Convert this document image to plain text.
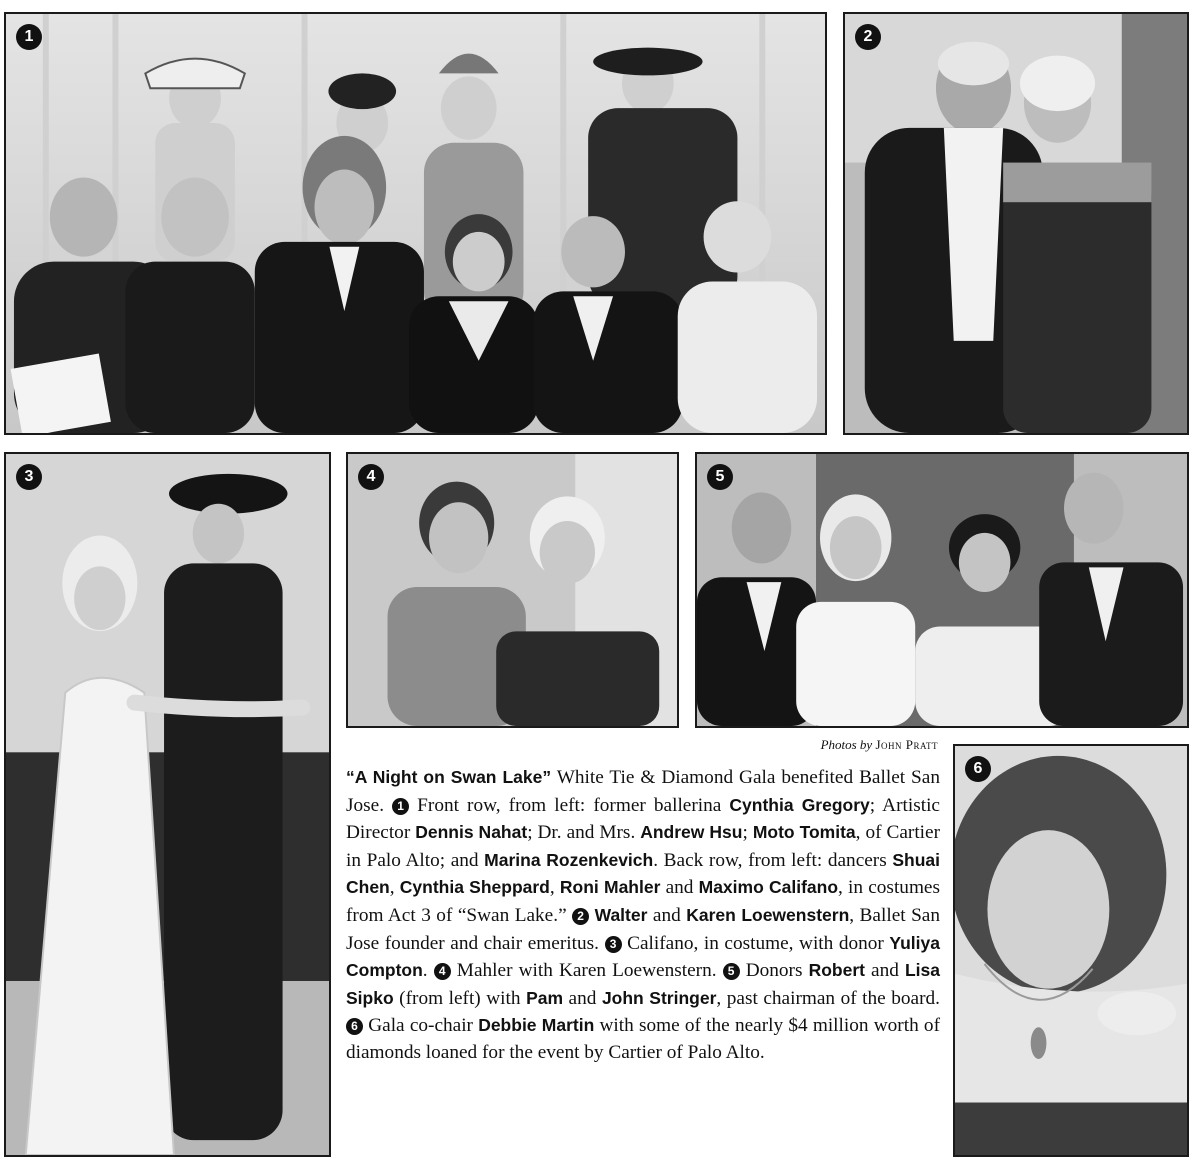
1	2
3	4	5
6
Photos by John Pratt
“A Night on Swan Lake” White Tie & Diamond Gala benefited Ballet San Jose. 1 Front row, from left: former ballerina Cynthia Gregory; Artistic Director Dennis Nahat; Dr. and Mrs. Andrew Hsu; Moto Tomita, of Cartier in Palo Alto; and Marina Rozenkevich. Back row, from left: dancers Shuai Chen, Cynthia Sheppard, Roni Mahler and Maximo Califano, in costumes from Act 3 of “Swan Lake.” 2 Walter and Karen Loewenstern, Ballet San Jose founder and chair emeritus. 3 Califano, in costume, with donor Yuliya Compton. 4 Mahler with Karen Loewenstern. 5 Donors Robert and Lisa Sipko (from left) with Pam and John Stringer, past chairman of the board. 6 Gala co-chair Debbie Martin with some of the nearly $4 million worth of diamonds loaned for the event by Cartier of Palo Alto.
